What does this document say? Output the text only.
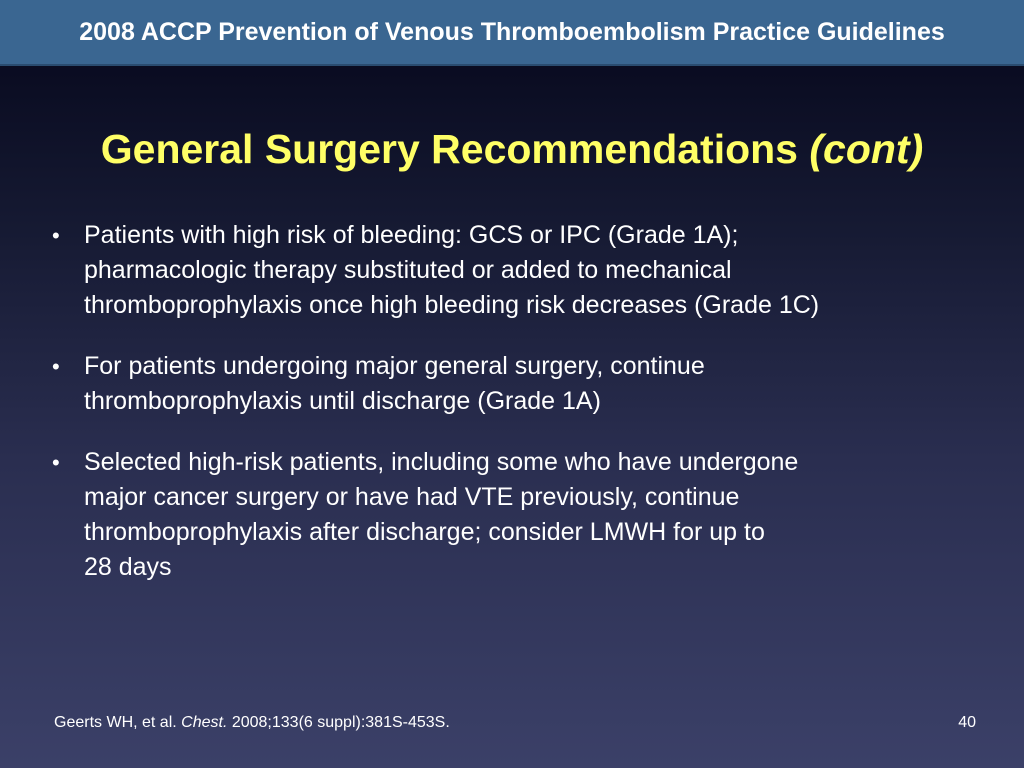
2008 ACCP Prevention of Venous Thromboembolism Practice Guidelines
General Surgery Recommendations (cont)
• Patients with high risk of bleeding: GCS or IPC (Grade 1A);
pharmacologic therapy substituted or added to mechanical
thromboprophylaxis once high bleeding risk decreases (Grade 1C)
• For patients undergoing major general surgery, continue
thromboprophylaxis until discharge (Grade 1A)
• Selected high-risk patients, including some who have undergone
major cancer surgery or have had VTE previously, continue
thromboprophylaxis after discharge; consider LMWH for up to
28 days
Geerts WH, et al. Chest. 2008;133(6 suppl):381S-453S.	40
